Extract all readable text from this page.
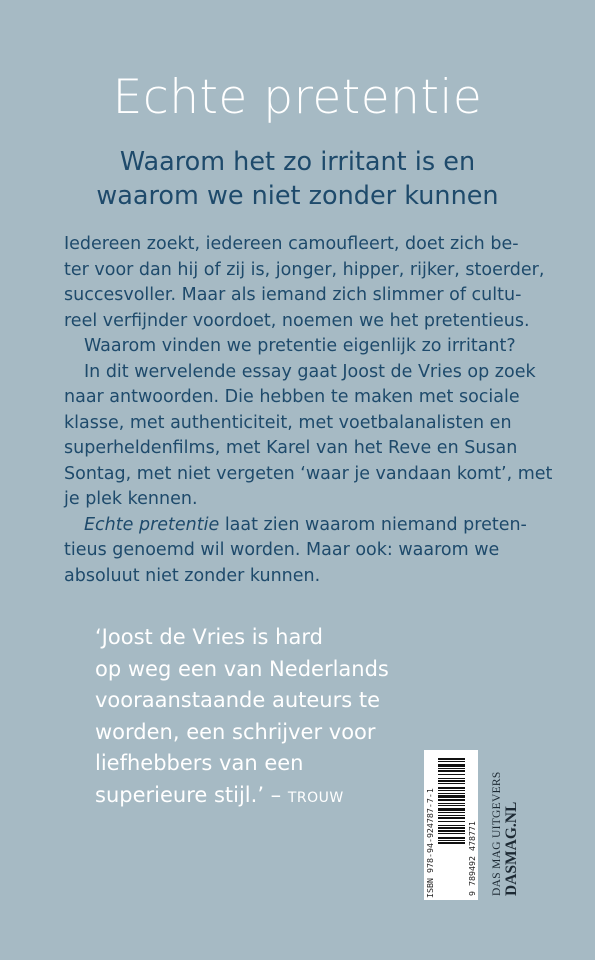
Echte pretentie
Waarom het zo irritant is en
waarom we niet zonder kunnen
Iedereen zoekt, iedereen camoufleert, doet zich be-
ter voor dan hij of zij is, jonger, hipper, rijker, stoerder,
succesvoller. Maar als iemand zich slimmer of cultu-
reel verfijnder voordoet, noemen we het pretentieus.
Waarom vinden we pretentie eigenlijk zo irritant?
In dit wervelende essay gaat Joost de Vries op zoek
naar antwoorden. Die hebben te maken met sociale
klasse, met authenticiteit, met voetbalanalisten en
superheldenfilms, met Karel van het Reve en Susan
Sontag, met niet vergeten ‘waar je vandaan komt’, met
je plek kennen.
Echte pretentie laat zien waarom niemand preten-
tieus genoemd wil worden. Maar ook: waarom we
absoluut niet zonder kunnen.
‘Joost de Vries is hard
op weg een van Nederlands
vooraanstaande auteurs te
worden, een schrijver voor
liefhebbers van een
superieure stijl.’ – TROUW	ISBN 978-94-924787-7-1	9 789492 478771 DAS MAG UITGEVERS DASMAG.NL
